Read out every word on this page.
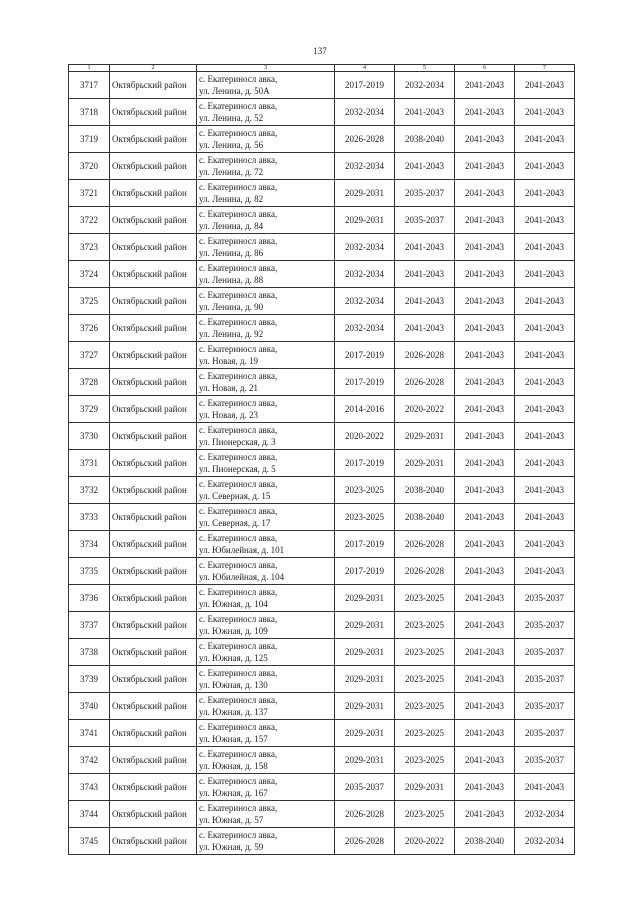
137
1	2	3	4	5	6	7
3717	Октябрьский район	с. Екатериносл авка,
ул. Ленина, д. 50А	2017-2019	2032-2034	2041-2043	2041-2043
3718	Октябрьский район	с. Екатериносл авка,
ул. Ленина, д. 52	2032-2034	2041-2043	2041-2043	2041-2043
3719	Октябрьский район	с. Екатериносл авка,
ул. Ленина, д. 56	2026-2028	2038-2040	2041-2043	2041-2043
3720	Октябрьский район	с. Екатериносл авка,
ул. Ленина, д. 72	2032-2034	2041-2043	2041-2043	2041-2043
3721	Октябрьский район	с. Екатериносл авка,
ул. Ленина, д. 82	2029-2031	2035-2037	2041-2043	2041-2043
3722	Октябрьский район	с. Екатериносл авка,
ул. Ленина, д. 84	2029-2031	2035-2037	2041-2043	2041-2043
3723	Октябрьский район	с. Екатериносл авка,
ул. Ленина, д. 86	2032-2034	2041-2043	2041-2043	2041-2043
3724	Октябрьский район	с. Екатериносл авка,
ул. Ленина, д. 88	2032-2034	2041-2043	2041-2043	2041-2043
3725	Октябрьский район	с. Екатериносл авка,
ул. Ленина, д. 90	2032-2034	2041-2043	2041-2043	2041-2043
3726	Октябрьский район	с. Екатериносл авка,
ул. Ленина, д. 92	2032-2034	2041-2043	2041-2043	2041-2043
3727	Октябрьский район	с. Екатериносл авка,
ул. Новая, д. 19	2017-2019	2026-2028	2041-2043	2041-2043
3728	Октябрьский район	с. Екатериносл авка,
ул. Новая, д. 21	2017-2019	2026-2028	2041-2043	2041-2043
3729	Октябрьский район	с. Екатериносл авка,
ул. Новая, д. 23	2014-2016	2020-2022	2041-2043	2041-2043
3730	Октябрьский район	с. Екатериносл авка,
ул. Пионерская, д. 3	2020-2022	2029-2031	2041-2043	2041-2043
3731	Октябрьский район	с. Екатериносл авка,
ул. Пионерская, д. 5	2017-2019	2029-2031	2041-2043	2041-2043
3732	Октябрьский район	с. Екатериносл авка,
ул. Северная, д. 15	2023-2025	2038-2040	2041-2043	2041-2043
3733	Октябрьский район	с. Екатериносл авка,
ул. Северная, д. 17	2023-2025	2038-2040	2041-2043	2041-2043
3734	Октябрьский район	с. Екатериносл авка,
ул. Юбилейная, д. 101	2017-2019	2026-2028	2041-2043	2041-2043
3735	Октябрьский район	с. Екатериносл авка,
ул. Юбилейная, д. 104	2017-2019	2026-2028	2041-2043	2041-2043
3736	Октябрьский район	с. Екатериносл авка,
ул. Южная, д. 104	2029-2031	2023-2025	2041-2043	2035-2037
3737	Октябрьский район	с. Екатериносл авка,
ул. Южная, д. 109	2029-2031	2023-2025	2041-2043	2035-2037
3738	Октябрьский район	с. Екатериносл авка,
ул. Южная, д. 125	2029-2031	2023-2025	2041-2043	2035-2037
3739	Октябрьский район	с. Екатериносл авка,
ул. Южная, д. 130	2029-2031	2023-2025	2041-2043	2035-2037
3740	Октябрьский район	с. Екатериносл авка,
ул. Южная, д. 137	2029-2031	2023-2025	2041-2043	2035-2037
3741	Октябрьский район	с. Екатериносл авка,
ул. Южная, д. 157	2029-2031	2023-2025	2041-2043	2035-2037
3742	Октябрьский район	с. Екатериносл авка,
ул. Южная, д. 158	2029-2031	2023-2025	2041-2043	2035-2037
3743	Октябрьский район	с. Екатериносл авка,
ул. Южная, д. 167	2035-2037	2029-2031	2041-2043	2041-2043
3744	Октябрьский район	с. Екатериносл авка,
ул. Южная, д. 57	2026-2028	2023-2025	2041-2043	2032-2034
3745	Октябрьский район	с. Екатериносл авка,
ул. Южная, д. 59	2026-2028	2020-2022	2038-2040	2032-2034
